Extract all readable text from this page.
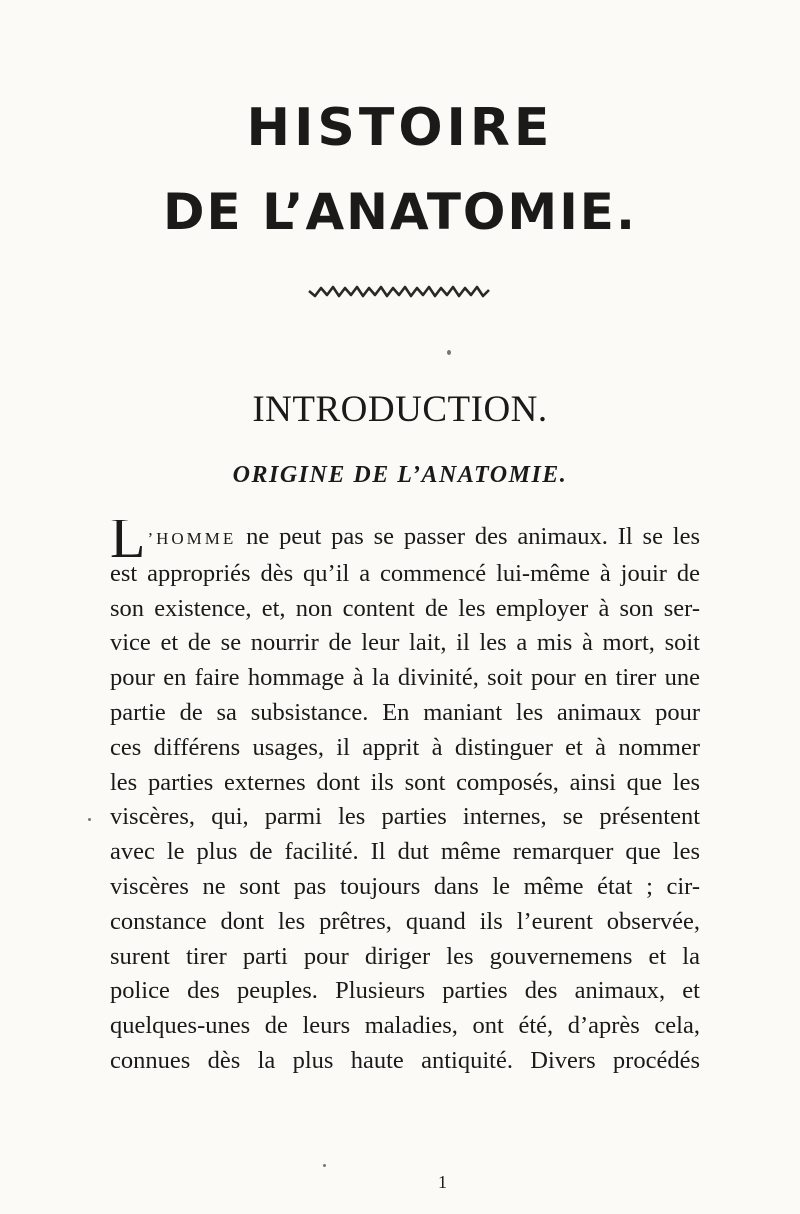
HISTOIRE
DE L’ANATOMIE.
INTRODUCTION.
ORIGINE DE L’ANATOMIE.
L ’HOMME ne peut pas se passer des animaux. Il se les
est appropriés dès qu’il a commencé lui-même à jouir de
son existence, et, non content de les employer à son ser-
vice et de se nourrir de leur lait, il les a mis à mort, soit
pour en faire hommage à la divinité, soit pour en tirer une
partie de sa subsistance. En maniant les animaux pour
ces différens usages, il apprit à distinguer et à nommer
les parties externes dont ils sont composés, ainsi que les
viscères, qui, parmi les parties internes, se présentent
avec le plus de facilité. Il dut même remarquer que les
viscères ne sont pas toujours dans le même état ; cir-
constance dont les prêtres, quand ils l’eurent observée,
surent tirer parti pour diriger les gouvernemens et la
police des peuples. Plusieurs parties des animaux, et
quelques-unes de leurs maladies, ont été, d’après cela,
connues dès la plus haute antiquité. Divers procédés
1
